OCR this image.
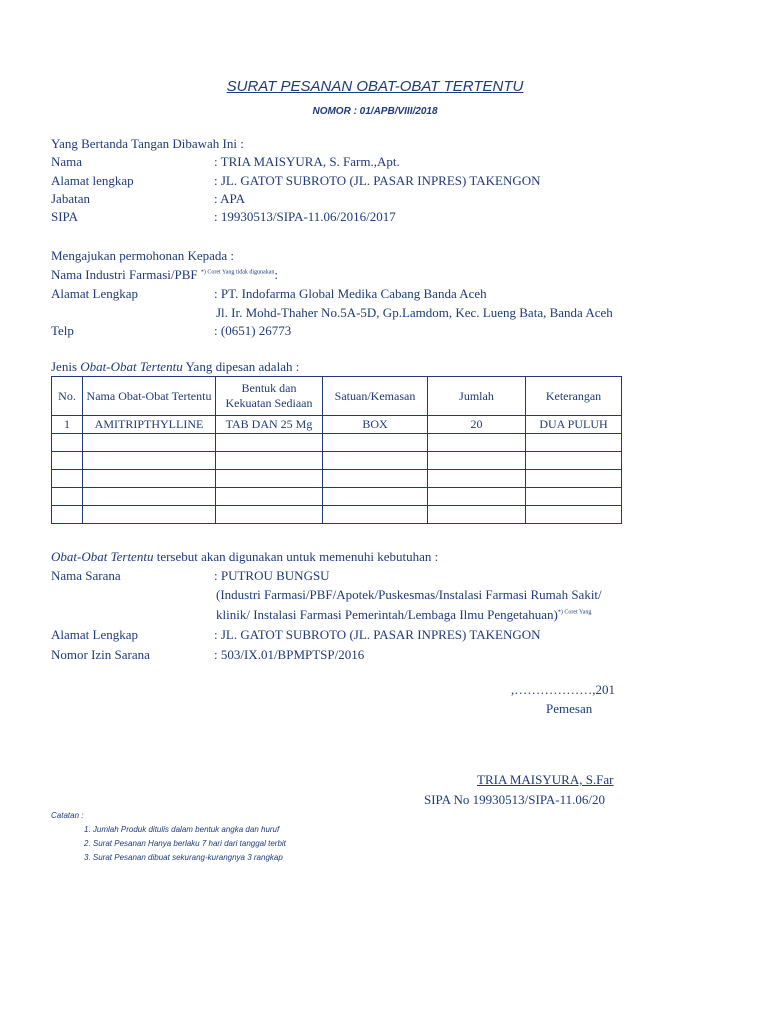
SURAT PESANAN OBAT-OBAT TERTENTU
NOMOR : 01/APB/VIII/2018
Yang Bertanda Tangan Dibawah Ini :
Nama	: TRIA MAISYURA, S. Farm.,Apt.
Alamat lengkap	: JL. GATOT SUBROTO (JL. PASAR INPRES) TAKENGON
Jabatan	: APA
SIPA	: 19930513/SIPA-11.06/2016/2017
Mengajukan permohonan Kepada :
Nama Industri Farmasi/PBF $^{*) Coret Yang tidak digunakan}$:
Alamat Lengkap	: PT. Indofarma Global Medika Cabang Banda Aceh
Jl. Ir. Mohd-Thaher No.5A-5D, Gp.Lamdom, Kec. Lueng Bata, Banda Aceh
Telp	: (0651) 26773
Jenis Obat-Obat Tertentu Yang dipesan adalah :
Obat-Obat Tertentu tersebut akan digunakan untuk memenuhi kebutuhan :
Nama Sarana	: PUTROU BUNGSU
(Industri Farmasi/PBF/Apotek/Puskesmas/Instalasi Farmasi Rumah Sakit/
klinik/ Instalasi Farmasi Pemerintah/Lembaga Ilmu Pengetahuan)$^{*) Coret Yang}$
Alamat Lengkap	: JL. GATOT SUBROTO (JL. PASAR INPRES) TAKENGON
Nomor Izin Sarana	: 503/IX.01/BPMPTSP/2016
No.	Nama Obat-Obat Tertentu	Bentuk dan Kekuatan Sediaan	Satuan/Kemasan	Jumlah	Keterangan
1	AMITRIPTHYLLINE	TAB DAN 25 Mg	BOX	20	DUA PULUH

,………………,201
Pemesan
TRIA MAISYURA, S.Far
SIPA No 19930513/SIPA-11.06/20
Catatan :
1. Jumlah Produk ditulis dalam bentuk angka dan huruf
2. Surat Pesanan Hanya berlaku 7 hari dari tanggal terbit
3. Surat Pesanan dibuat sekurang-kurangnya 3 rangkap
